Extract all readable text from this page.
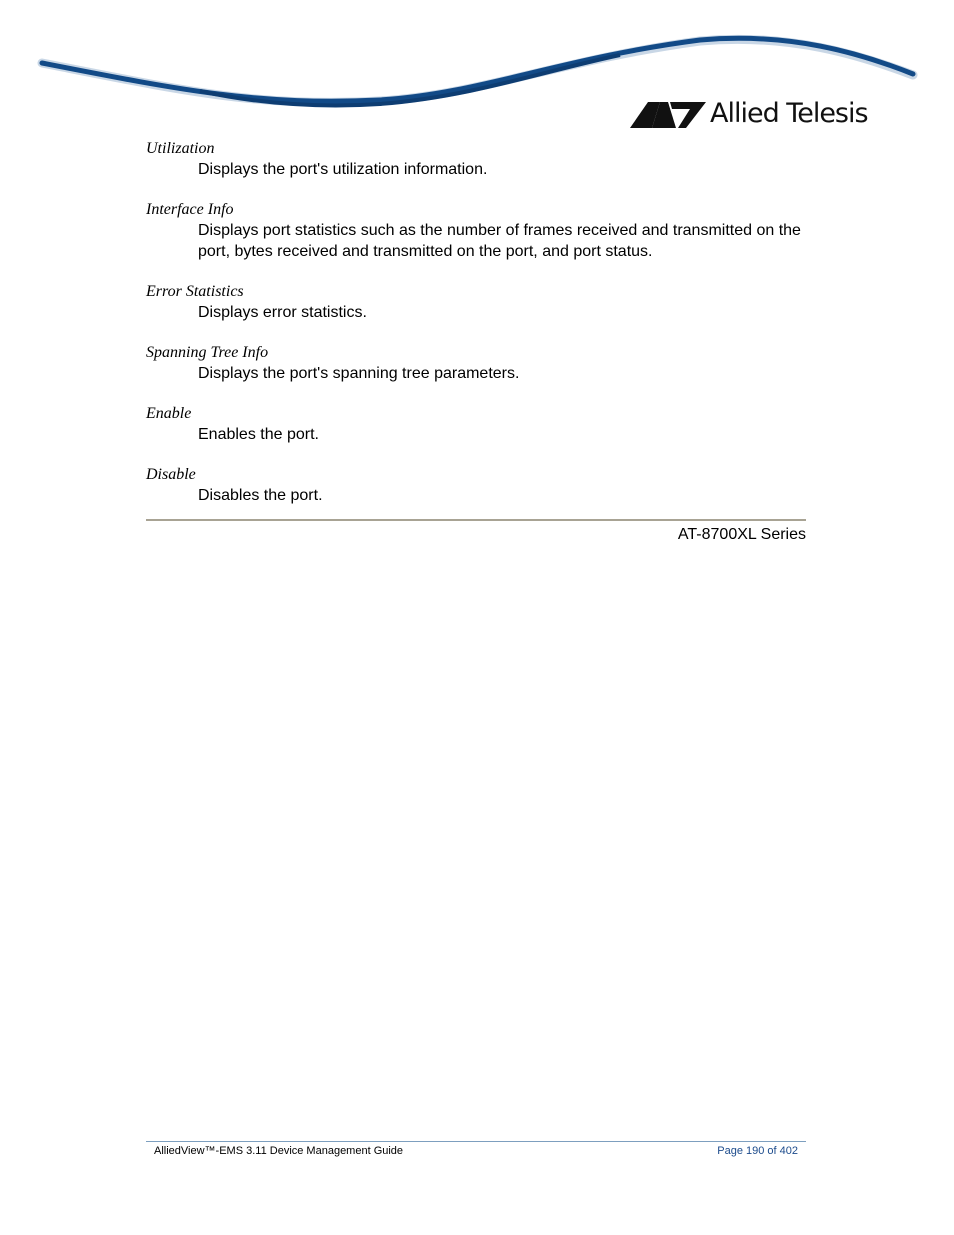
Allied Telesis

Utilization

Displays the port's utilization information.

Interface Info

Displays port statistics such as the number of frames received and transmitted on the port, bytes received and transmitted on the port, and port status.

Error Statistics

Displays error statistics.

Spanning Tree Info

Displays the port's spanning tree parameters.

Enable

Enables the port.

Disable

Disables the port.

AT-8700XL Series
AlliedView™-EMS 3.11 Device Management Guide	Page 190 of 402
